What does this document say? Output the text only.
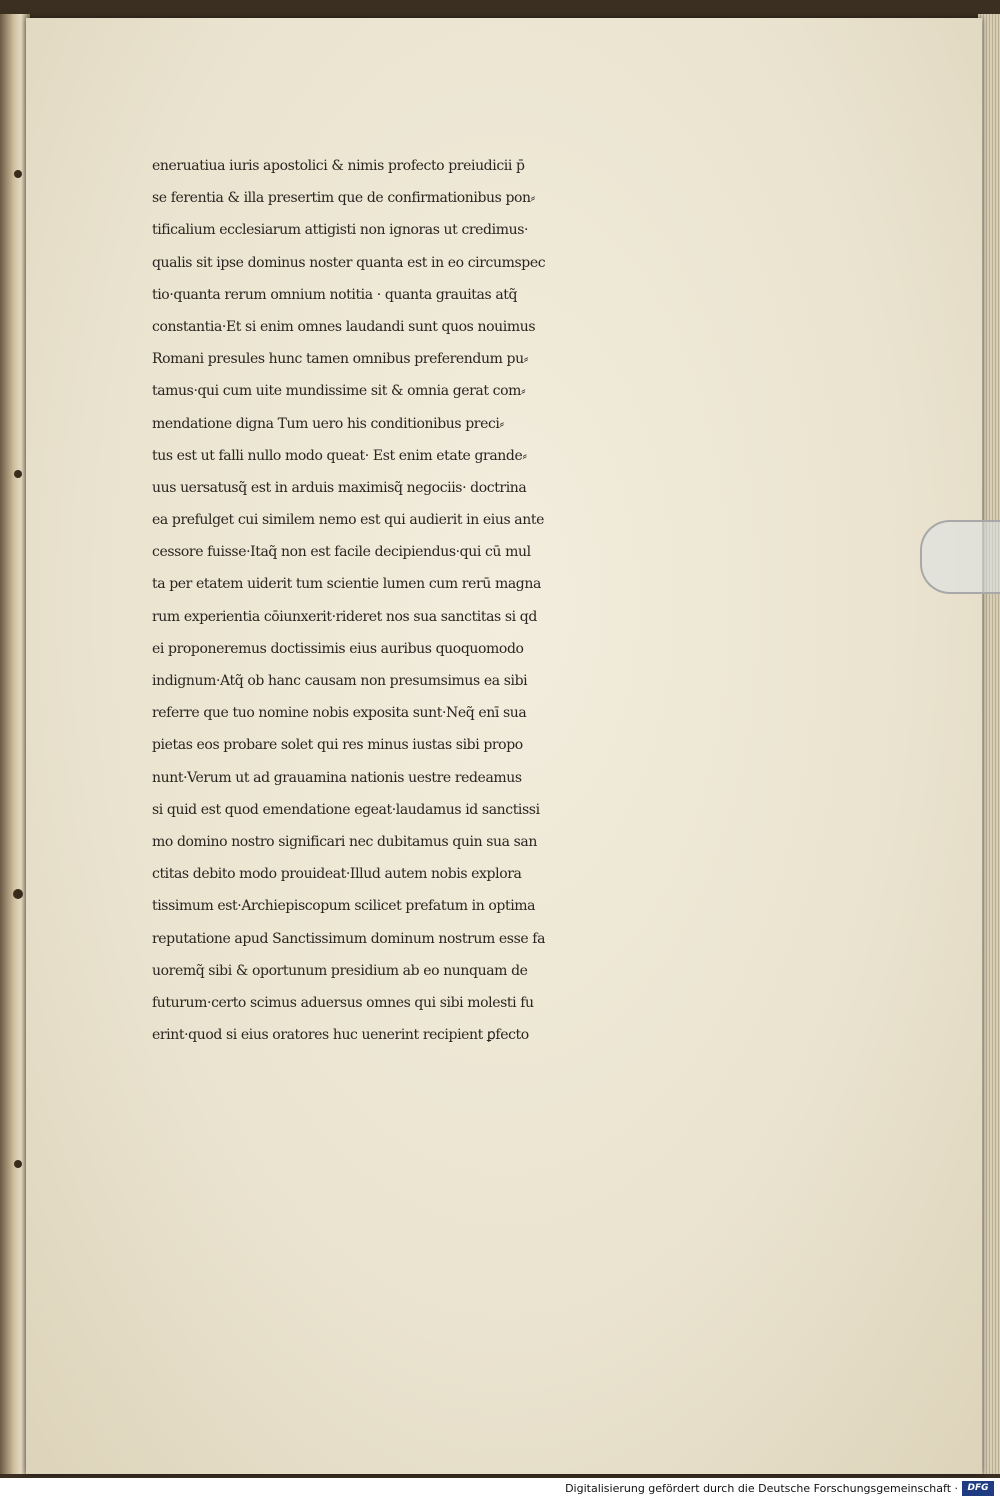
eneruatiua iuris apostolici & nimis profecto preiudicii p̄
se ferentia & illa presertim que de confirmationibus pon⸗
tificalium ecclesiarum attigisti non ignoras ut credimus·
qualis sit ipse dominus noster quanta est in eo circumspec
tio·quanta rerum omnium notitia · quanta grauitas atq̃
constantia·Et si enim omnes laudandi sunt quos nouimus
Romani presules hunc tamen omnibus preferendum pu⸗
tamus·qui cum uite mundissime sit & omnia gerat com⸗
mendatione digna Tum uero his conditionibus preci⸗
tus est ut falli nullo modo queat· Est enim etate grande⸗
uus uersatusq̃ est in arduis maximisq̃ negociis· doctrina
ea prefulget cui similem nemo est qui audierit in eius ante
cessore fuisse·Itaq̃ non est facile decipiendus·qui cū mul
ta per etatem uiderit tum scientie lumen cum rerū magna
rum experientia cōiunxerit·rideret nos sua sanctitas si qd
ei proponeremus doctissimis eius auribus quoquomodo
indignum·Atq̃ ob hanc causam non presumsimus ea sibi
referre que tuo nomine nobis exposita sunt·Neq̃ enī sua
pietas eos probare solet qui res minus iustas sibi propo
nunt·Verum ut ad grauamina nationis uestre redeamus
si quid est quod emendatione egeat·laudamus id sanctissi
mo domino nostro significari nec dubitamus quin sua san
ctitas debito modo prouideat·Illud autem nobis explora
tissimum est·Archiepiscopum scilicet prefatum in optima
reputatione apud Sanctissimum dominum nostrum esse fa
uoremq̃ sibi & oportunum presidium ab eo nunquam de
futurum·certo scimus aduersus omnes qui sibi molesti fu
erint·quod si eius oratores huc uenerint recipient ꝑfecto
Digitalisierung gefördert durch die Deutsche Forschungsgemeinschaft ·	DFG
